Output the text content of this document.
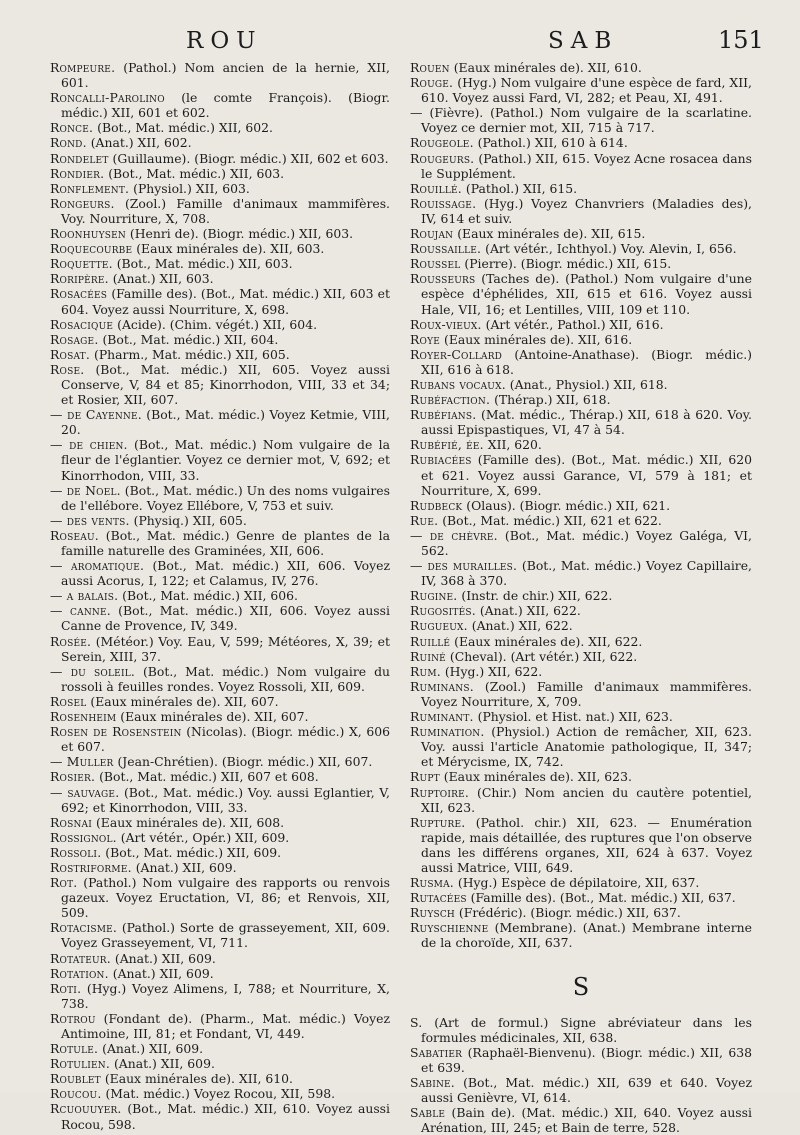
ROU	SAB	151

Rompeure. (Pathol.) Nom ancien de la hernie, XII, 601.

Roncalli-Parolino (le comte François). (Biogr. médic.) XII, 601 et 602.

Ronce. (Bot., Mat. médic.) XII, 602.

Rond. (Anat.) XII, 602.

Rondelet (Guillaume). (Biogr. médic.) XII, 602 et 603.

Rondier. (Bot., Mat. médic.) XII, 603.

Ronflement. (Physiol.) XII, 603.

Rongeurs. (Zool.) Famille d'animaux mammifères. Voy. Nourriture, X, 708.

Roonhuysen (Henri de). (Biogr. médic.) XII, 603.

Roquecourbe (Eaux minérales de). XII, 603.

Roquette. (Bot., Mat. médic.) XII, 603.

Roripère. (Anat.) XII, 603.

Rosacées (Famille des). (Bot., Mat. médic.) XII, 603 et 604. Voyez aussi Nourriture, X, 698.

Rosacique (Acide). (Chim. végét.) XII, 604.

Rosage. (Bot., Mat. médic.) XII, 604.

Rosat. (Pharm., Mat. médic.) XII, 605.

Rose. (Bot., Mat. médic.) XII, 605. Voyez aussi Conserve, V, 84 et 85; Kinorrhodon, VIII, 33 et 34; et Rosier, XII, 607.

— de Cayenne. (Bot., Mat. médic.) Voyez Ketmie, VIII, 20.

— de chien. (Bot., Mat. médic.) Nom vulgaire de la fleur de l'églantier. Voyez ce dernier mot, V, 692; et Kinorrhodon, VIII, 33.

— de Noel. (Bot., Mat. médic.) Un des noms vulgaires de l'ellébore. Voyez Ellébore, V, 753 et suiv.

— des vents. (Physiq.) XII, 605.

Roseau. (Bot., Mat. médic.) Genre de plantes de la famille naturelle des Graminées, XII, 606.

— aromatique. (Bot., Mat. médic.) XII, 606. Voyez aussi Acorus, I, 122; et Calamus, IV, 276.

— a balais. (Bot., Mat. médic.) XII, 606.

— canne. (Bot., Mat. médic.) XII, 606. Voyez aussi Canne de Provence, IV, 349.

Rosée. (Météor.) Voy. Eau, V, 599; Météores, X, 39; et Serein, XIII, 37.

— du soleil. (Bot., Mat. médic.) Nom vulgaire du rossoli à feuilles rondes. Voyez Rossoli, XII, 609.

Rosel (Eaux minérales de). XII, 607.

Rosenheim (Eaux minérales de). XII, 607.

Rosen de Rosenstein (Nicolas). (Biogr. médic.) X, 606 et 607.

— Muller (Jean-Chrétien). (Biogr. médic.) XII, 607.

Rosier. (Bot., Mat. médic.) XII, 607 et 608.

— sauvage. (Bot., Mat. médic.) Voy. aussi Eglantier, V, 692; et Kinorrhodon, VIII, 33.

Rosnai (Eaux minérales de). XII, 608.

Rossignol. (Art vétér., Opér.) XII, 609.

Rossoli. (Bot., Mat. médic.) XII, 609.

Rostriforme. (Anat.) XII, 609.

Rot. (Pathol.) Nom vulgaire des rapports ou renvois gazeux. Voyez Eructation, VI, 86; et Renvois, XII, 509.

Rotacisme. (Pathol.) Sorte de grasseyement, XII, 609. Voyez Grasseyement, VI, 711.

Rotateur. (Anat.) XII, 609.

Rotation. (Anat.) XII, 609.

Roti. (Hyg.) Voyez Alimens, I, 788; et Nourriture, X, 738.

Rotrou (Fondant de). (Pharm., Mat. médic.) Voyez Antimoine, III, 81; et Fondant, VI, 449.

Rotule. (Anat.) XII, 609.

Rotulien. (Anat.) XII, 609.

Roublet (Eaux minérales de). XII, 610.

Roucou. (Mat. médic.) Voyez Rocou, XII, 598.

Rcuouuyer. (Bot., Mat. médic.) XII, 610. Voyez aussi Rocou, 598.

Rouen (Eaux minérales de). XII, 610.

Rouge. (Hyg.) Nom vulgaire d'une espèce de fard, XII, 610. Voyez aussi Fard, VI, 282; et Peau, XI, 491.

— (Fièvre). (Pathol.) Nom vulgaire de la scarlatine. Voyez ce dernier mot, XII, 715 à 717.

Rougeole. (Pathol.) XII, 610 à 614.

Rougeurs. (Pathol.) XII, 615. Voyez Acne rosacea dans le Supplément.

Rouillé. (Pathol.) XII, 615.

Rouissage. (Hyg.) Voyez Chanvriers (Maladies des), IV, 614 et suiv.

Roujan (Eaux minérales de). XII, 615.

Roussaille. (Art vétér., Ichthyol.) Voy. Alevin, I, 656.

Roussel (Pierre). (Biogr. médic.) XII, 615.

Rousseurs (Taches de). (Pathol.) Nom vulgaire d'une espèce d'éphélides, XII, 615 et 616. Voyez aussi Hale, VII, 16; et Lentilles, VIII, 109 et 110.

Roux-vieux. (Art vétér., Pathol.) XII, 616.

Roye (Eaux minérales de). XII, 616.

Royer-Collard (Antoine-Anathase). (Biogr. médic.) XII, 616 à 618.

Rubans vocaux. (Anat., Physiol.) XII, 618.

Rubéfaction. (Thérap.) XII, 618.

Rubéfians. (Mat. médic., Thérap.) XII, 618 à 620. Voy. aussi Epispastiques, VI, 47 à 54.

Rubéfié, ée. XII, 620.

Rubiacées (Famille des). (Bot., Mat. médic.) XII, 620 et 621. Voyez aussi Garance, VI, 579 à 181; et Nourriture, X, 699.

Rudbeck (Olaus). (Biogr. médic.) XII, 621.

Rue. (Bot., Mat. médic.) XII, 621 et 622.

— de chèvre. (Bot., Mat. médic.) Voyez Galéga, VI, 562.

— des murailles. (Bot., Mat. médic.) Voyez Capillaire, IV, 368 à 370.

Rugine. (Instr. de chir.) XII, 622.

Rugosités. (Anat.) XII, 622.

Rugueux. (Anat.) XII, 622.

Ruillé (Eaux minérales de). XII, 622.

Ruiné (Cheval). (Art vétér.) XII, 622.

Rum. (Hyg.) XII, 622.

Ruminans. (Zool.) Famille d'animaux mammifères. Voyez Nourriture, X, 709.

Ruminant. (Physiol. et Hist. nat.) XII, 623.

Rumination. (Physiol.) Action de remâcher, XII, 623. Voy. aussi l'article Anatomie pathologique, II, 347; et Mérycisme, IX, 742.

Rupt (Eaux minérales de). XII, 623.

Ruptoire. (Chir.) Nom ancien du cautère potentiel, XII, 623.

Rupture. (Pathol. chir.) XII, 623. — Enumération rapide, mais détaillée, des ruptures que l'on observe dans les différens organes, XII, 624 à 637. Voyez aussi Matrice, VIII, 649.

Rusma. (Hyg.) Espèce de dépilatoire, XII, 637.

Rutacées (Famille des). (Bot., Mat. médic.) XII, 637.

Ruysch (Frédéric). (Biogr. médic.) XII, 637.

Ruyschienne (Membrane). (Anat.) Membrane interne de la choroïde, XII, 637.

S

S. (Art de formul.) Signe abréviateur dans les formules médicinales, XII, 638.

Sabatier (Raphaël-Bienvenu). (Biogr. médic.) XII, 638 et 639.

Sabine. (Bot., Mat. médic.) XII, 639 et 640. Voyez aussi Genièvre, VI, 614.

Sable (Bain de). (Mat. médic.) XII, 640. Voyez aussi Arénation, III, 245; et Bain de terre, 528.
